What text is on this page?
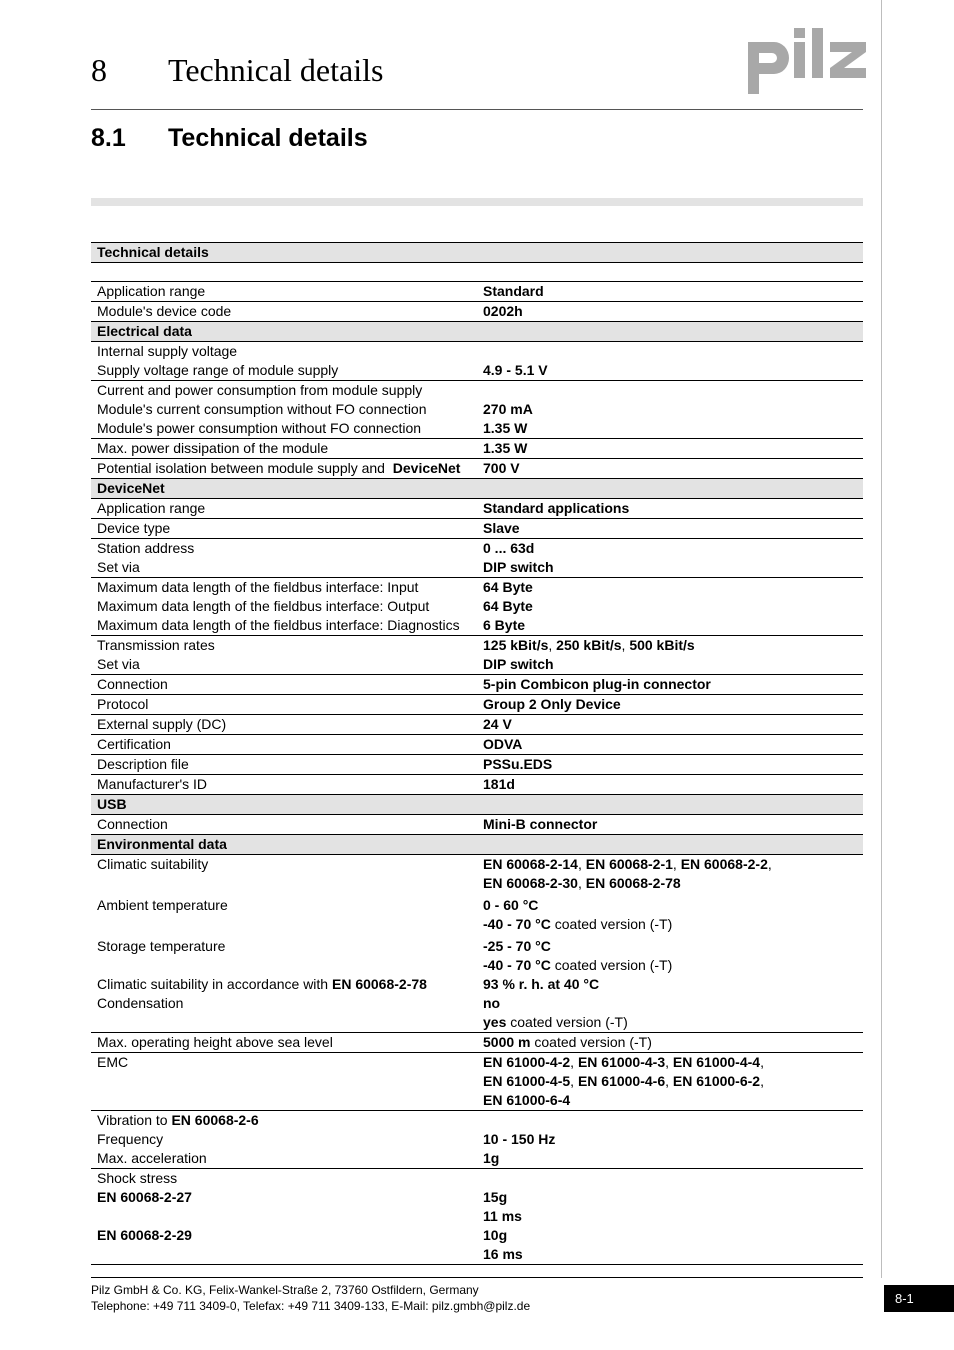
8 Technical details
8.1 Technical details
Technical details	

Application range	Standard
Module's device code	0202h
Electrical data	
Internal supply voltage	
Supply voltage range of module supply	4.9 - 5.1 V
Current and power consumption from module supply	
Module's current consumption without FO connection	270 mA
Module's power consumption without FO connection	1.35 W
Max. power dissipation of the module	1.35 W
Potential isolation between module supply and DeviceNet	700 V
DeviceNet	
Application range	Standard applications
Device type	Slave
Station address	0 ... 63d
Set via	DIP switch
Maximum data length of the fieldbus interface: Input	64 Byte
Maximum data length of the fieldbus interface: Output	64 Byte
Maximum data length of the fieldbus interface: Diagnostics	6 Byte
Transmission rates	125 kBit/s, 250 kBit/s, 500 kBit/s
Set via	DIP switch
Connection	5-pin Combicon plug-in connector
Protocol	Group 2 Only Device
External supply (DC)	24 V
Certification	ODVA
Description file	PSSu.EDS
Manufacturer's ID	181d
USB	
Connection	Mini-B connector
Environmental data	
Climatic suitability	EN 60068-2-14, EN 60068-2-1, EN 60068-2-2,
EN 60068-2-30, EN 60068-2-78
Ambient temperature	0 - 60 °C
-40 - 70 °C coated version (-T)
Storage temperature	-25 - 70 °C
-40 - 70 °C coated version (-T)
Climatic suitability in accordance with EN 60068-2-78	93 % r. h. at 40 °C
Condensation	no
yes coated version (-T)
Max. operating height above sea level	5000 m coated version (-T)
EMC	EN 61000-4-2, EN 61000-4-3, EN 61000-4-4,
EN 61000-4-5, EN 61000-4-6, EN 61000-6-2,
EN 61000-6-4
Vibration to EN 60068-2-6	
Frequency	10 - 150 Hz
Max. acceleration	1g
Shock stress	
EN 60068-2-27	15g
11 ms
EN 60068-2-29	10g
16 ms
Pilz GmbH & Co. KG, Felix-Wankel-Straße 2, 73760 Ostfildern, Germany
Telephone: +49 711 3409-0, Telefax: +49 711 3409-133, E-Mail: pilz.gmbh@pilz.de	8-1
